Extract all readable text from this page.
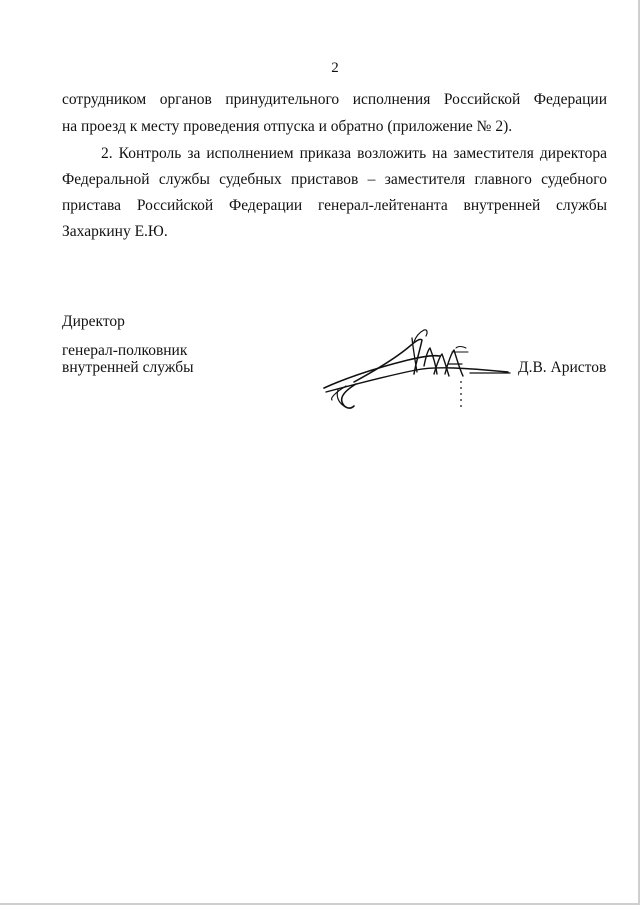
2
сотрудником органов принудительного исполнения Российской Федерации
на проезд к месту проведения отпуска и обратно (приложение № 2).
2. Контроль за исполнением приказа возложить на заместителя директора
Федеральной службы судебных приставов – заместителя главного судебного
пристава Российской Федерации генерал-лейтенанта внутренней службы
Захаркину Е.Ю.
Директор
генерал-полковник
внутренней службы	Д.В. Аристов
